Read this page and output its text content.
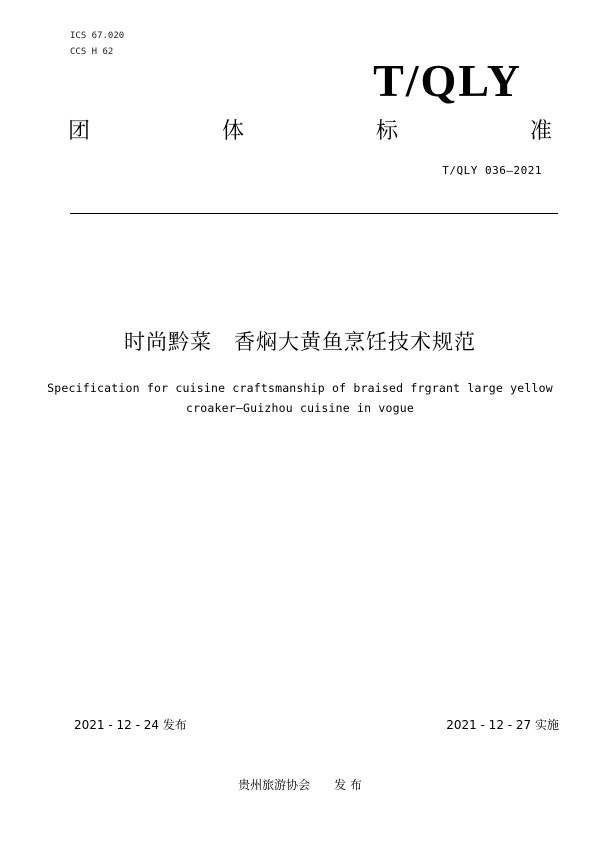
ICS 67.020
CCS H 62
T/QLY
团	体	标	准
T/QLY 036—2021
时尚黔菜 香焖大黄鱼烹饪技术规范
Specification for cuisine craftsmanship of braised frgrant large yellow
croaker—Guizhou cuisine in vogue
2021 - 12 - 24 发布	2021 - 12 - 27 实施
贵州旅游协会 发 布
